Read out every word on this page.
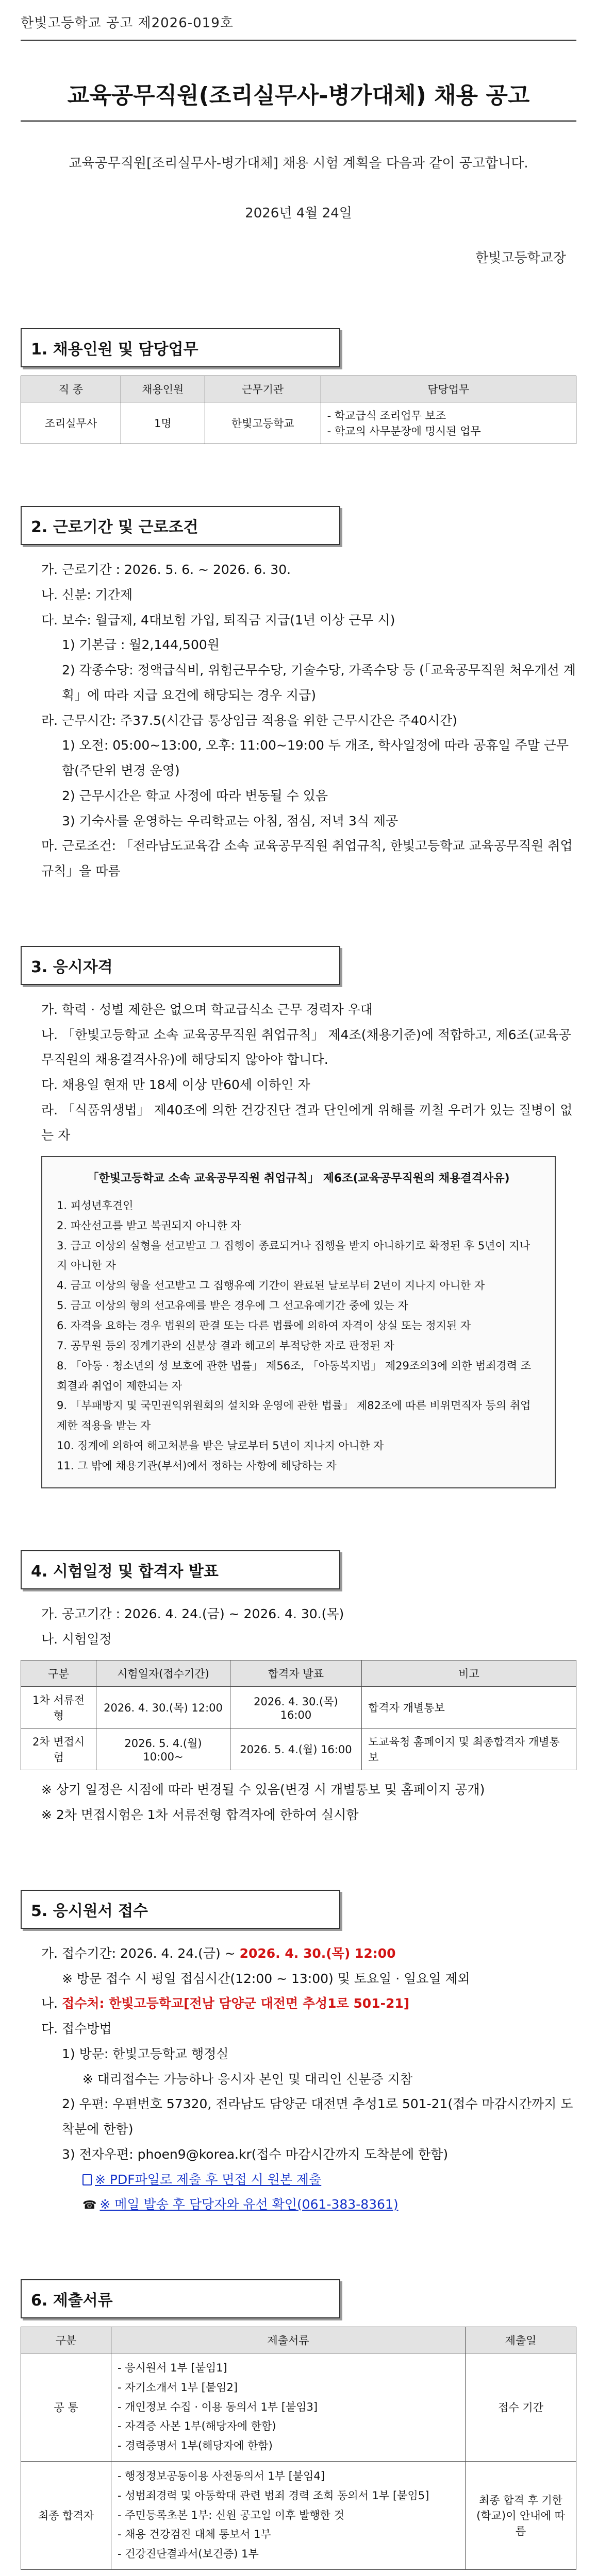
한빛고등학교 공고 제2026-019호
교육공무직원(조리실무사-병가대체) 채용 공고
교육공무직원[조리실무사-병가대체] 채용 시험 계획을 다음과 같이 공고합니다.
2026년 4월 24일
한빛고등학교장
1. 채용인원 및 담당업무
직 종	채용인원	근무기관	담당업무
조리실무사	1명	한빛고등학교	- 학교급식 조리업무 보조
- 학교의 사무분장에 명시된 업무
2. 근로기간 및 근로조건
가. 근로기간 : 2026. 5. 6. ~ 2026. 6. 30.
나. 신분: 기간제
다. 보수: 월급제, 4대보험 가입, 퇴직금 지급(1년 이상 근무 시)
1) 기본급 : 월2,144,500원
2) 각종수당: 정액급식비, 위험근무수당, 기술수당, 가족수당 등 (「교육공무직원 처우개선 계획」에 따라 지급 요건에 해당되는 경우 지급)
라. 근무시간: 주37.5(시간급 통상임금 적용을 위한 근무시간은 주40시간)
1) 오전: 05:00~13:00, 오후: 11:00~19:00 두 개조, 학사일정에 따라 공휴일 주말 근무 함(주단위 변경 운영)
2) 근무시간은 학교 사정에 따라 변동될 수 있음
3) 기숙사를 운영하는 우리학교는 아침, 점심, 저녁 3식 제공
마. 근로조건: 「전라남도교육감 소속 교육공무직원 취업규칙, 한빛고등학교 교육공무직원 취업 규칙」을 따름
3. 응시자격
가. 학력 · 성별 제한은 없으며 학교급식소 근무 경력자 우대
나. 「한빛고등학교 소속 교육공무직원 취업규칙」 제4조(채용기준)에 적합하고, 제6조(교육공무직원의 채용결격사유)에 해당되지 않아야 합니다.
다. 채용일 현재 만 18세 이상 만60세 이하인 자
라. 「식품위생법」 제40조에 의한 건강진단 결과 단인에게 위해를 끼칠 우려가 있는 질병이 없는 자
「한빛고등학교 소속 교육공무직원 취업규칙」 제6조(교육공무직원의 채용결격사유)
1. 피성년후견인
2. 파산선고를 받고 복권되지 아니한 자
3. 금고 이상의 실형을 선고받고 그 집행이 종료되거나 집행을 받지 아니하기로 확정된 후 5년이 지나지 아니한 자
4. 금고 이상의 형을 선고받고 그 집행유예 기간이 완료된 날로부터 2년이 지나지 아니한 자
5. 금고 이상의 형의 선고유예를 받은 경우에 그 선고유예기간 중에 있는 자
6. 자격을 요하는 경우 법원의 판결 또는 다른 법률에 의하여 자격이 상실 또는 정지된 자
7. 공무원 등의 징계기관의 신분상 결과 해고의 부적당한 자로 판정된 자
8. 「아동 · 청소년의 성 보호에 관한 법률」 제56조, 「아동복지법」 제29조의3에 의한 범죄경력 조회결과 취업이 제한되는 자
9. 「부패방지 및 국민권익위원회의 설치와 운영에 관한 법률」 제82조에 따른 비위면직자 등의 취업제한 적용을 받는 자
10. 징계에 의하여 해고처분을 받은 날로부터 5년이 지나지 아니한 자
11. 그 밖에 채용기관(부서)에서 정하는 사항에 해당하는 자
4. 시험일정 및 합격자 발표
가. 공고기간 : 2026. 4. 24.(금) ~ 2026. 4. 30.(목)
나. 시험일정
구분	시험일자(접수기간)	합격자 발표	비고
1차 서류전형	2026. 4. 30.(목) 12:00	2026. 4. 30.(목) 16:00	합격자 개별통보
2차 면접시험	2026. 5. 4.(월) 10:00~	2026. 5. 4.(월) 16:00	도교육청 홈페이지 및 최종합격자 개별통보
※ 상기 일정은 시점에 따라 변경될 수 있음(변경 시 개별통보 및 홈페이지 공개)
※ 2차 면접시험은 1차 서류전형 합격자에 한하여 실시함
5. 응시원서 접수
가. 접수기간: 2026. 4. 24.(금) ~ 2026. 4. 30.(목) 12:00
※ 방문 접수 시 평일 접심시간(12:00 ~ 13:00) 및 토요일 · 일요일 제외
나. 접수처: 한빛고등학교[전남 담양군 대전면 추성1로 501-21]
다. 접수방법
1) 방문: 한빛고등학교 행정실
※ 대리접수는 가능하나 응시자 본인 및 대리인 신분증 지참
2) 우편: 우편번호 57320, 전라남도 담양군 대전면 추성1로 501-21(접수 마감시간까지 도착분에 한함)
3) 전자우편: phoen9@korea.kr(접수 마감시간까지 도착분에 한함)
※ PDF파일로 제출 후 면접 시 원본 제출
☎ ※ 메일 발송 후 담당자와 유선 확인(061-383-8361)
6. 제출서류
구분	제출서류	제출일
공 통	- 응시원서 1부 [붙임1]
- 자기소개서 1부 [붙임2]
- 개인정보 수집 · 이용 동의서 1부 [붙임3]
- 자격증 사본 1부(해당자에 한함)
- 경력증명서 1부(해당자에 한함)	접수 기간
최종 합격자	- 행정정보공동이용 사전동의서 1부 [붙임4]
- 성범죄경력 및 아동학대 관련 범죄 경력 조회 동의서 1부 [붙임5]
- 주민등록초본 1부: 신원 공고일 이후 발행한 것
- 채용 건강검진 대체 통보서 1부
- 건강진단결과서(보건증) 1부	최종 합격 후 기한(학교)이 안내에 따름
